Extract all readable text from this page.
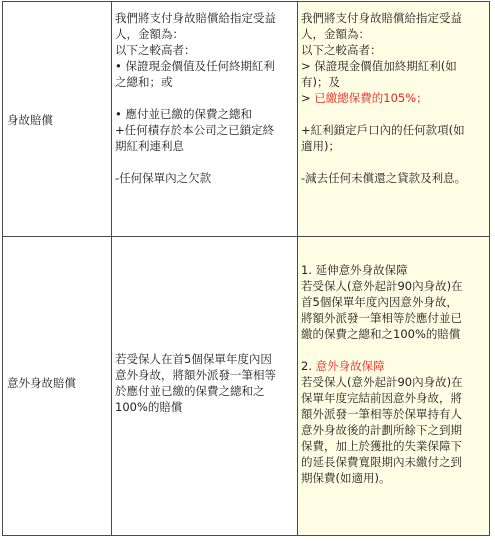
身故賠償
我們將支付身故賠償給指定受益
人，金額為：
以下之較高者：
• 保證現金價值及任何終期紅利
之總和；或
• 應付並已繳的保費之總和
+任何積存於本公司之已鎖定終
期紅利連利息
-任何保單內之欠款
我們將支付身故賠償給指定受益
人，金額為：
以下之較高者：
> 保證現金價值加終期紅利(如
有)；及
> 已繳總保費的105%；
+紅利鎖定戶口內的任何款項(如
適用)；
-減去任何未償還之貸款及利息。
意外身故賠償
若受保人在首5個保單年度內因
意外身故，將額外派發一筆相等
於應付並已繳的保費之總和之
100%的賠償
1. 延伸意外身故保障
若受保人(意外起計90內身故)在
首5個保單年度內因意外身故，
將額外派發一筆相等於應付並已
繳的保費之總和之100%的賠償
2. 意外身故保障
若受保人(意外起計90內身故)在
保單年度完結前因意外身故，將
額外派發一筆相等於保單持有人
意外身故後的計劃所餘下之到期
保費，加上於獲批的失業保障下
的延長保費寬限期內未繳付之到
期保費(如適用)。
